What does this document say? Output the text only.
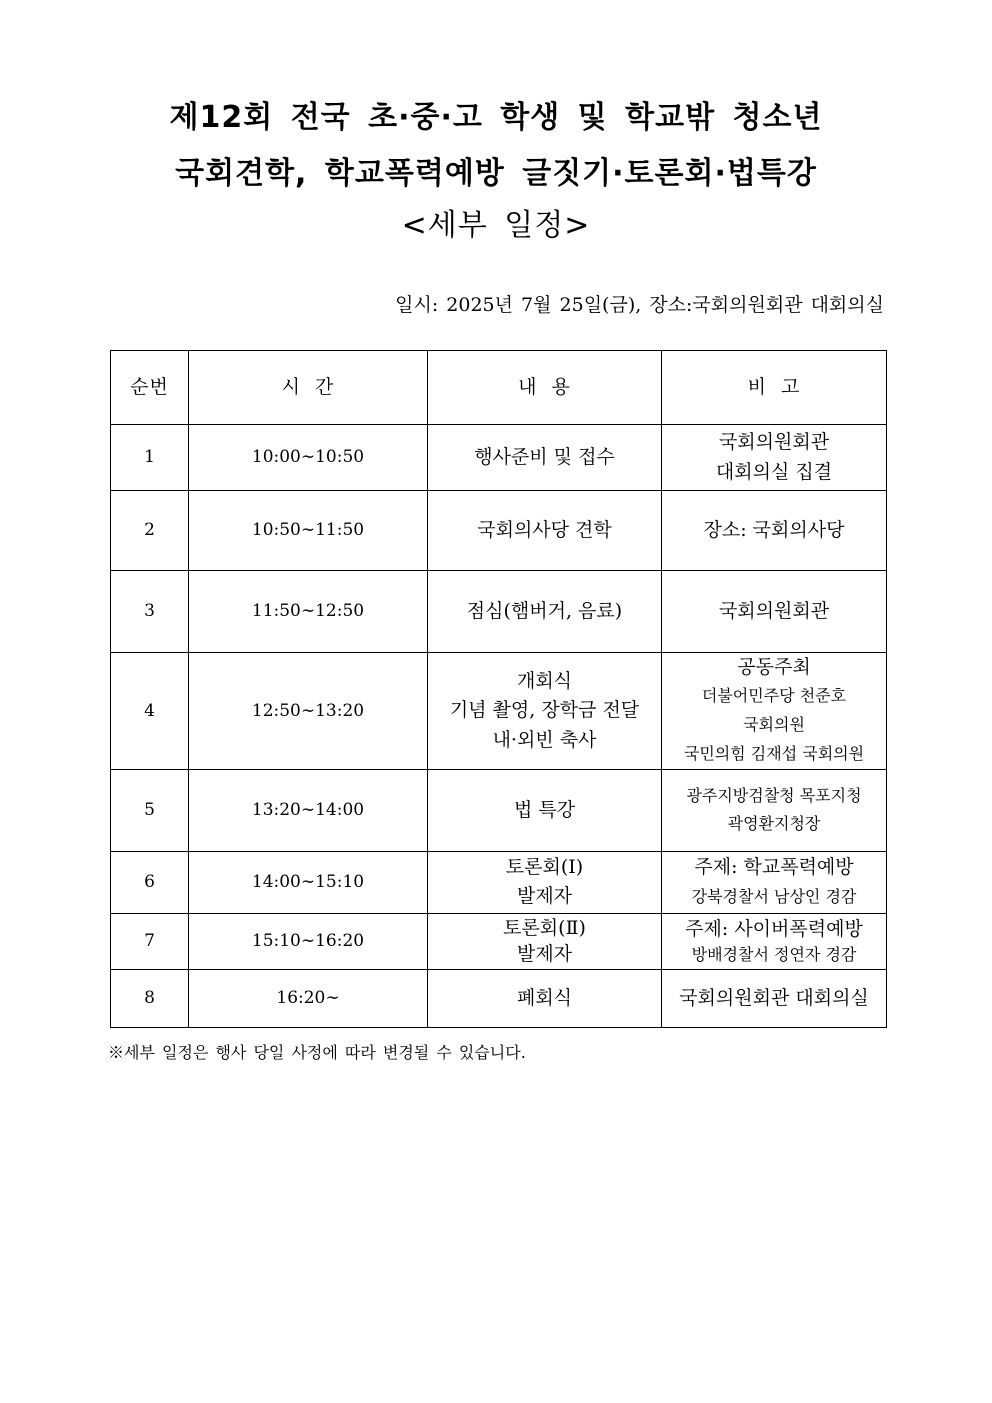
제12회 전국 초·중·고 학생 및 학교밖 청소년
국회견학, 학교폭력예방 글짓기·토론회·법특강
<세부 일정>
일시: 2025년 7월 25일(금), 장소:국회의원회관 대회의실
순번	시  간	내  용	비  고
1	10:00∼10:50	행사준비 및 접수	국회의원회관
대회의실 집결

2	10:50∼11:50	국회의사당 견학	장소: 국회의사당

3	11:50∼12:50	점심(햄버거, 음료)	국회의원회관

4	12:50∼13:20	개회식
기념 촬영, 장학금 전달
내·외빈 축사	공동주최
더불어민주당 천준호
국회의원
국민의힘 김재섭 국회의원

5	13:20∼14:00	법 특강	광주지방검찰청 목포지청
곽영환지청장

6	14:00∼15:10	토론회(Ⅰ)
발제자	주제: 학교폭력예방
강북경찰서 남상인 경감

7	15:10∼16:20	토론회(Ⅱ)
발제자	주제: 사이버폭력예방
방배경찰서 정연자 경감

8	16:20∼	폐회식	국회의원회관 대회의실
※세부 일정은 행사 당일 사정에 따라 변경될 수 있습니다.
